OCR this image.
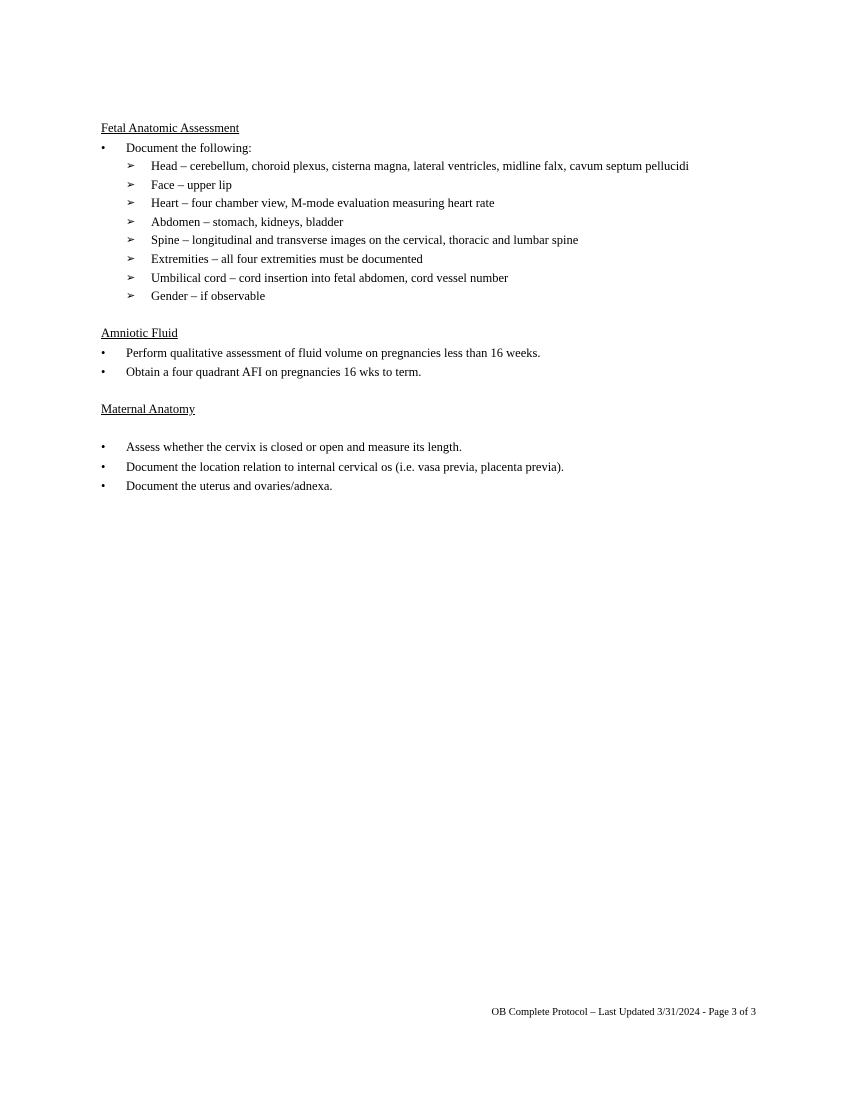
Fetal Anatomic Assessment
•	Document the following:
➢ Head – cerebellum, choroid plexus, cisterna magna, lateral ventricles, midline falx, cavum septum pellucidi
➢ Face – upper lip
➢ Heart – four chamber view, M-mode evaluation measuring heart rate
➢ Abdomen – stomach, kidneys, bladder
➢ Spine – longitudinal and transverse images on the cervical, thoracic and lumbar spine
➢ Extremities – all four extremities must be documented
➢ Umbilical cord – cord insertion into fetal abdomen, cord vessel number
➢ Gender – if observable
Amniotic Fluid
•	Perform qualitative assessment of fluid volume on pregnancies less than 16 weeks.
•	Obtain a four quadrant AFI on pregnancies 16 wks to term.
Maternal Anatomy
•	Assess whether the cervix is closed or open and measure its length.
•	Document the location relation to internal cervical os (i.e. vasa previa, placenta previa).
•	Document the uterus and ovaries/adnexa.
OB Complete Protocol – Last Updated 3/31/2024 - Page 3 of 3
